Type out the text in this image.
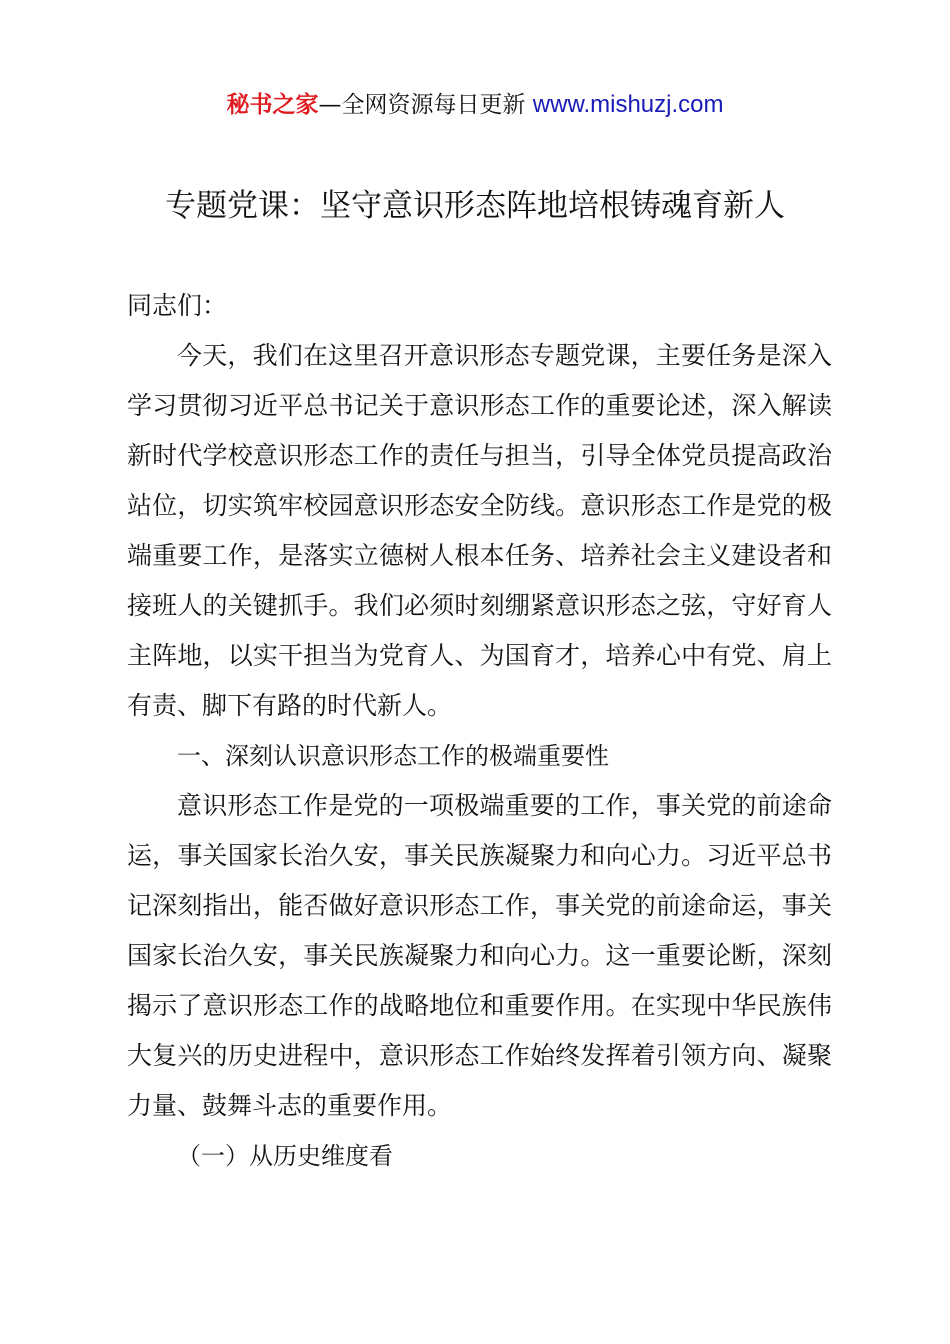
秘书之家—全网资源每日更新 www.mishuzj.com
专题党课：坚守意识形态阵地培根铸魂育新人

同志们：

今天，我们在这里召开意识形态专题党课，主要任务是深入学习贯彻习近平总书记关于意识形态工作的重要论述，深入解读新时代学校意识形态工作的责任与担当，引导全体党员提高政治站位，切实筑牢校园意识形态安全防线。意识形态工作是党的极端重要工作，是落实立德树人根本任务、培养社会主义建设者和接班人的关键抓手。我们必须时刻绷紧意识形态之弦，守好育人主阵地，以实干担当为党育人、为国育才，培养心中有党、肩上有责、脚下有路的时代新人。

一、深刻认识意识形态工作的极端重要性

意识形态工作是党的一项极端重要的工作，事关党的前途命运，事关国家长治久安，事关民族凝聚力和向心力。习近平总书记深刻指出，能否做好意识形态工作，事关党的前途命运，事关国家长治久安，事关民族凝聚力和向心力。这一重要论断，深刻揭示了意识形态工作的战略地位和重要作用。在实现中华民族伟大复兴的历史进程中，意识形态工作始终发挥着引领方向、凝聚力量、鼓舞斗志的重要作用。

（一）从历史维度看
